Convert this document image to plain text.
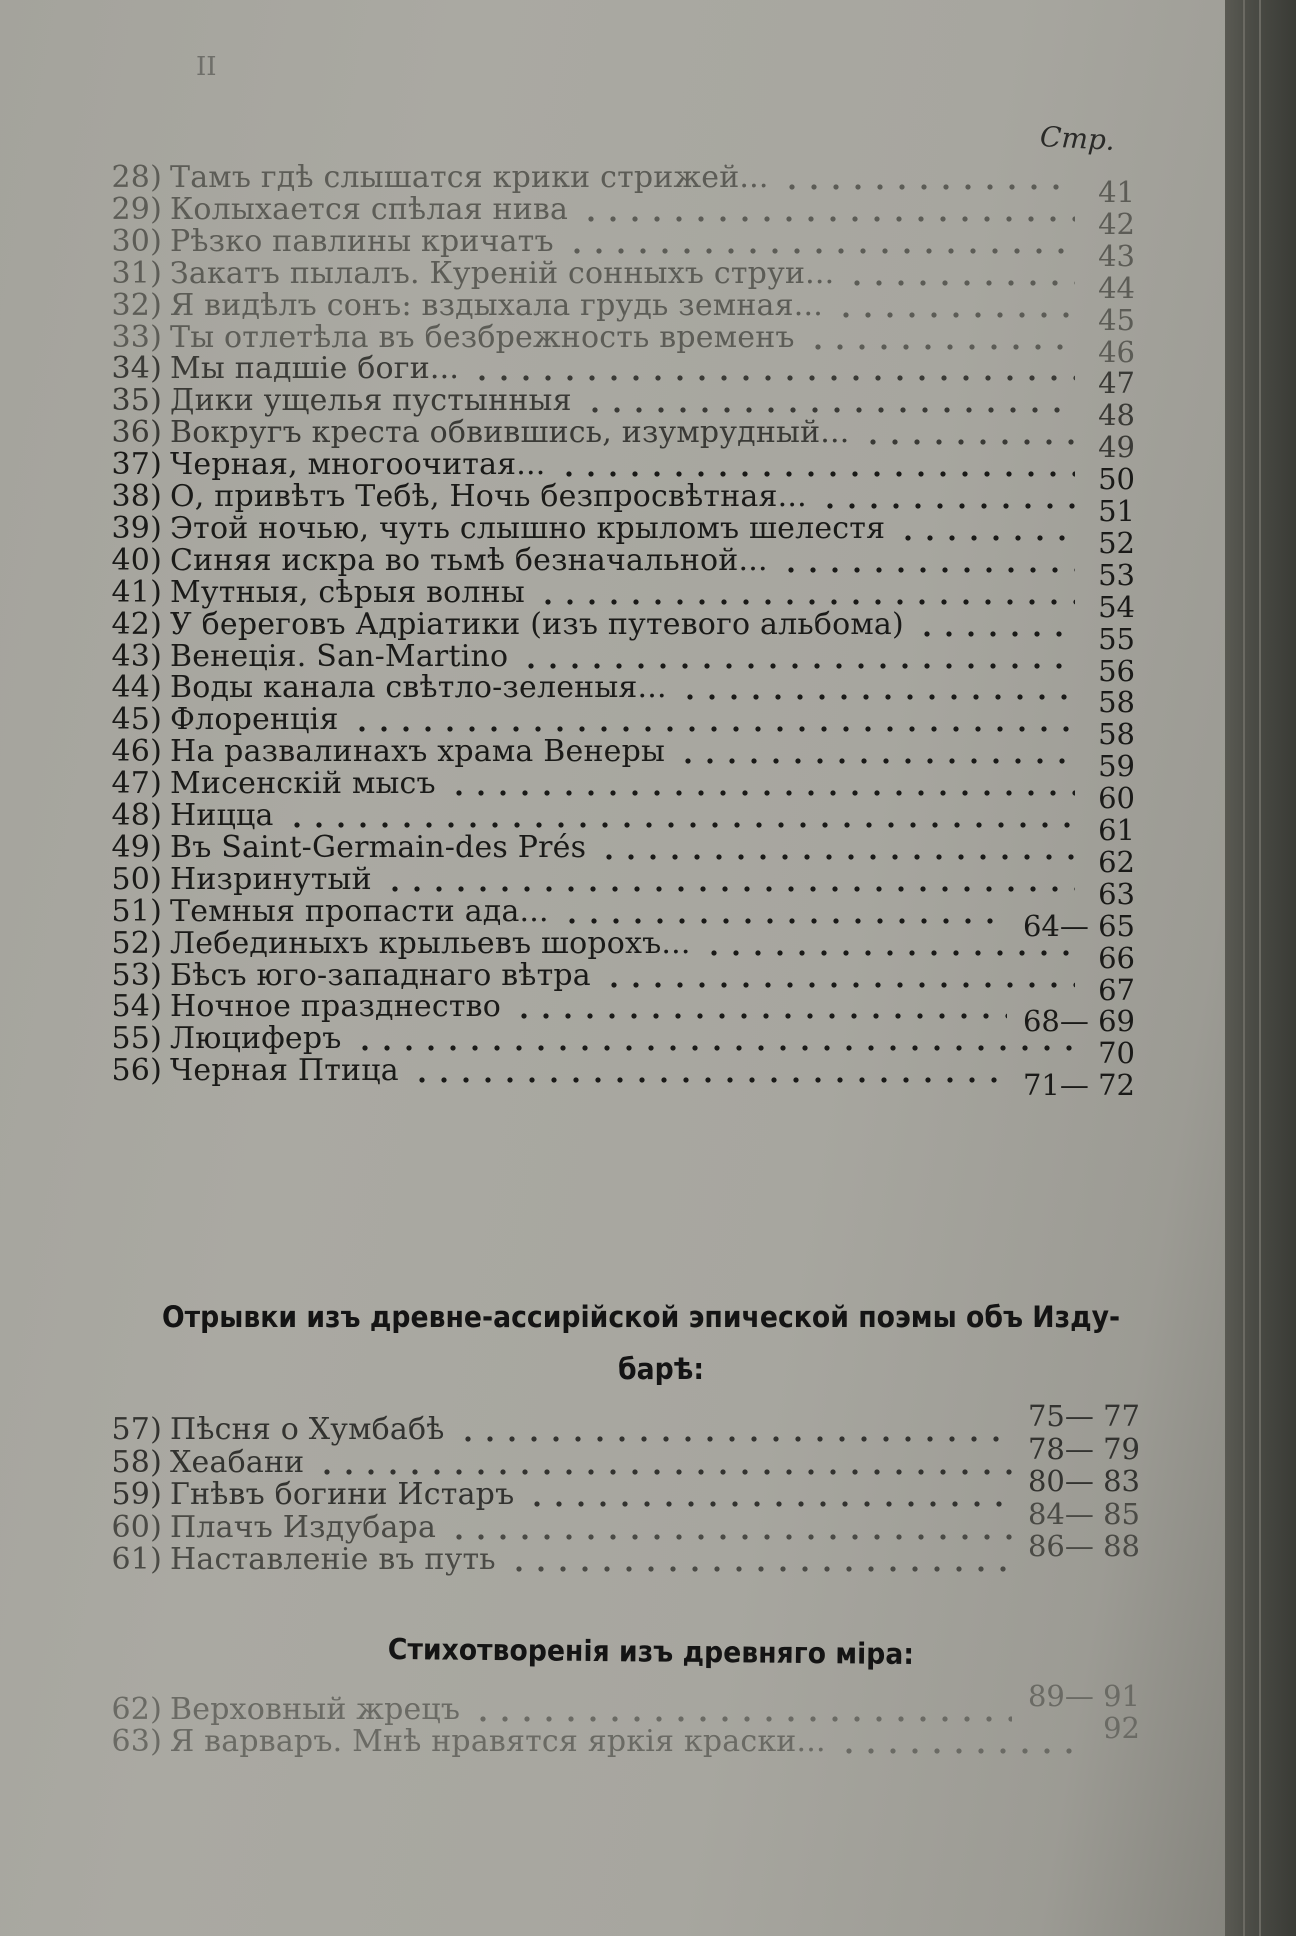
II
Стр.
28) Тамъ гдѣ слышатся крики стрижей...	41
29) Колыхается спѣлая нива	42
30) Рѣзко павлины кричатъ	43
31) Закатъ пылалъ. Куреній сонныхъ струи...	44
32) Я видѣлъ сонъ: вздыхала грудь земная...	45
33) Ты отлетѣла въ безбрежность временъ	46
34) Мы падшіе боги...	47
35) Дики ущелья пустынныя	48
36) Вокругъ креста обвившись, изумрудный...	49
37) Черная, многоочитая...	50
38) О, привѣтъ Тебѣ, Ночь безпросвѣтная...	51
39) Этой ночью, чуть слышно крыломъ шелестя	52
40) Синяя искра во тьмѣ безначальной...	53
41) Мутныя, сѣрыя волны	54
42) У береговъ Адріатики (изъ путевого альбома)	55
43) Венеція. San-Martino	56
44) Воды канала свѣтло-зеленыя...	58
45) Флоренція	58
46) На развалинахъ храма Венеры	59
47) Мисенскій мысъ	60
48) Ницца	61
49) Въ Saint-Germain-des Prés	62
50) Низринутый	63
51) Темныя пропасти ада...	64— 65
52) Лебединыхъ крыльевъ шорохъ...	66
53) Бѣсъ юго-западнаго вѣтра	67
54) Ночное празднество	68— 69
55) Люциферъ	70
56) Черная Птица	71— 72
57) Пѣсня о Хумбабѣ	75— 77
58) Хеабани	78— 79
59) Гнѣвъ богини Истаръ	80— 83
60) Плачъ Издубара	84— 85
61) Наставленіе въ путь	86— 88
62) Верховный жрецъ	89— 91
63) Я варваръ. Мнѣ нравятся яркія краски...	92
Отрывки изъ древне-ассирійской эпической поэмы объ Изду-
барѣ:
Стихотворенія изъ древняго міра:
